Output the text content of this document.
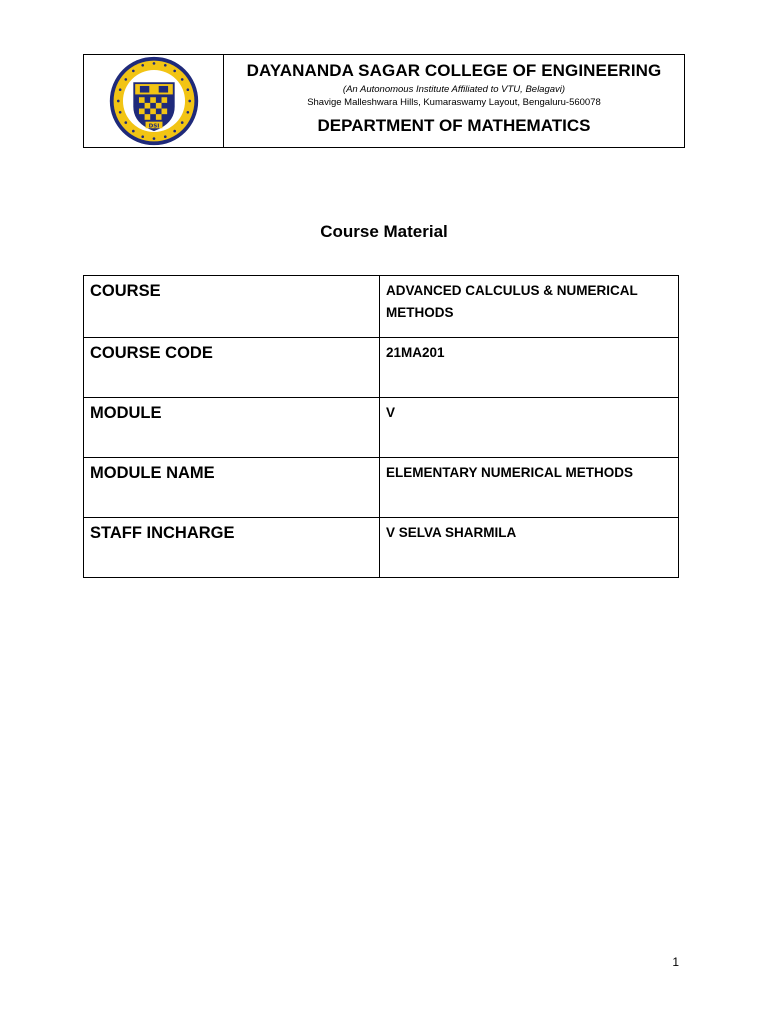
DSI
DAYANANDA SAGAR COLLEGE OF ENGINEERING
(An Autonomous Institute Affiliated to VTU, Belagavi)
Shavige Malleshwara Hills, Kumaraswamy Layout, Bengaluru-560078
DEPARTMENT OF MATHEMATICS
Course Material
COURSE	ADVANCED CALCULUS & NUMERICAL METHODS
COURSE CODE	21MA201
MODULE	V
MODULE NAME	ELEMENTARY NUMERICAL METHODS
STAFF INCHARGE	V SELVA SHARMILA
1
